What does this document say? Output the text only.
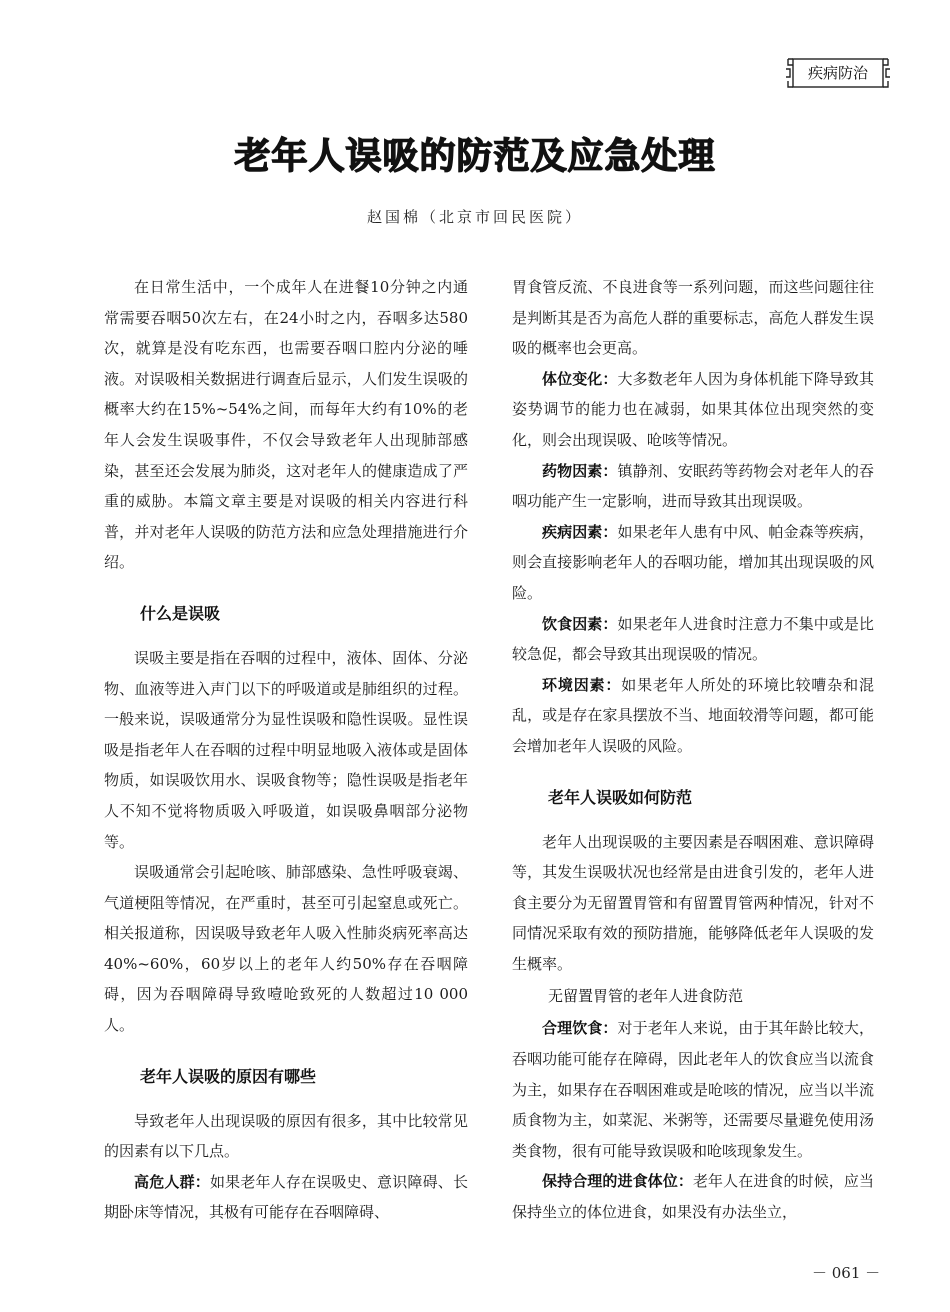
疾病防治
老年人误吸的防范及应急处理
赵国棉（北京市回民医院）

在日常生活中，一个成年人在进餐10分钟之内通常需要吞咽50次左右，在24小时之内，吞咽多达580次，就算是没有吃东西，也需要吞咽口腔内分泌的唾液。对误吸相关数据进行调查后显示，人们发生误吸的概率大约在15%~54%之间，而每年大约有10%的老年人会发生误吸事件，不仅会导致老年人出现肺部感染，甚至还会发展为肺炎，这对老年人的健康造成了严重的威胁。本篇文章主要是对误吸的相关内容进行科普，并对老年人误吸的防范方法和应急处理措施进行介绍。

什么是误吸

误吸主要是指在吞咽的过程中，液体、固体、分泌物、血液等进入声门以下的呼吸道或是肺组织的过程。一般来说，误吸通常分为显性误吸和隐性误吸。显性误吸是指老年人在吞咽的过程中明显地吸入液体或是固体物质，如误吸饮用水、误吸食物等；隐性误吸是指老年人不知不觉将物质吸入呼吸道，如误吸鼻咽部分泌物等。

误吸通常会引起呛咳、肺部感染、急性呼吸衰竭、气道梗阻等情况，在严重时，甚至可引起窒息或死亡。相关报道称，因误吸导致老年人吸入性肺炎病死率高达40%~60%，60岁以上的老年人约50%存在吞咽障碍，因为吞咽障碍导致噎呛致死的人数超过10 000人。

老年人误吸的原因有哪些

导致老年人出现误吸的原因有很多，其中比较常见的因素有以下几点。

高危人群：如果老年人存在误吸史、意识障碍、长期卧床等情况，其极有可能存在吞咽障碍、

胃食管反流、不良进食等一系列问题，而这些问题往往是判断其是否为高危人群的重要标志，高危人群发生误吸的概率也会更高。

体位变化：大多数老年人因为身体机能下降导致其姿势调节的能力也在减弱，如果其体位出现突然的变化，则会出现误吸、呛咳等情况。

药物因素：镇静剂、安眠药等药物会对老年人的吞咽功能产生一定影响，进而导致其出现误吸。

疾病因素：如果老年人患有中风、帕金森等疾病，则会直接影响老年人的吞咽功能，增加其出现误吸的风险。

饮食因素：如果老年人进食时注意力不集中或是比较急促，都会导致其出现误吸的情况。

环境因素：如果老年人所处的环境比较嘈杂和混乱，或是存在家具摆放不当、地面较滑等问题，都可能会增加老年人误吸的风险。

老年人误吸如何防范

老年人出现误吸的主要因素是吞咽困难、意识障碍等，其发生误吸状况也经常是由进食引发的，老年人进食主要分为无留置胃管和有留置胃管两种情况，针对不同情况采取有效的预防措施，能够降低老年人误吸的发生概率。

无留置胃管的老年人进食防范

合理饮食：对于老年人来说，由于其年龄比较大，吞咽功能可能存在障碍，因此老年人的饮食应当以流食为主，如果存在吞咽困难或是呛咳的情况，应当以半流质食物为主，如菜泥、米粥等，还需要尽量避免使用汤类食物，很有可能导致误吸和呛咳现象发生。

保持合理的进食体位：老年人在进食的时候，应当保持坐立的体位进食，如果没有办法坐立，

－ 061 －
